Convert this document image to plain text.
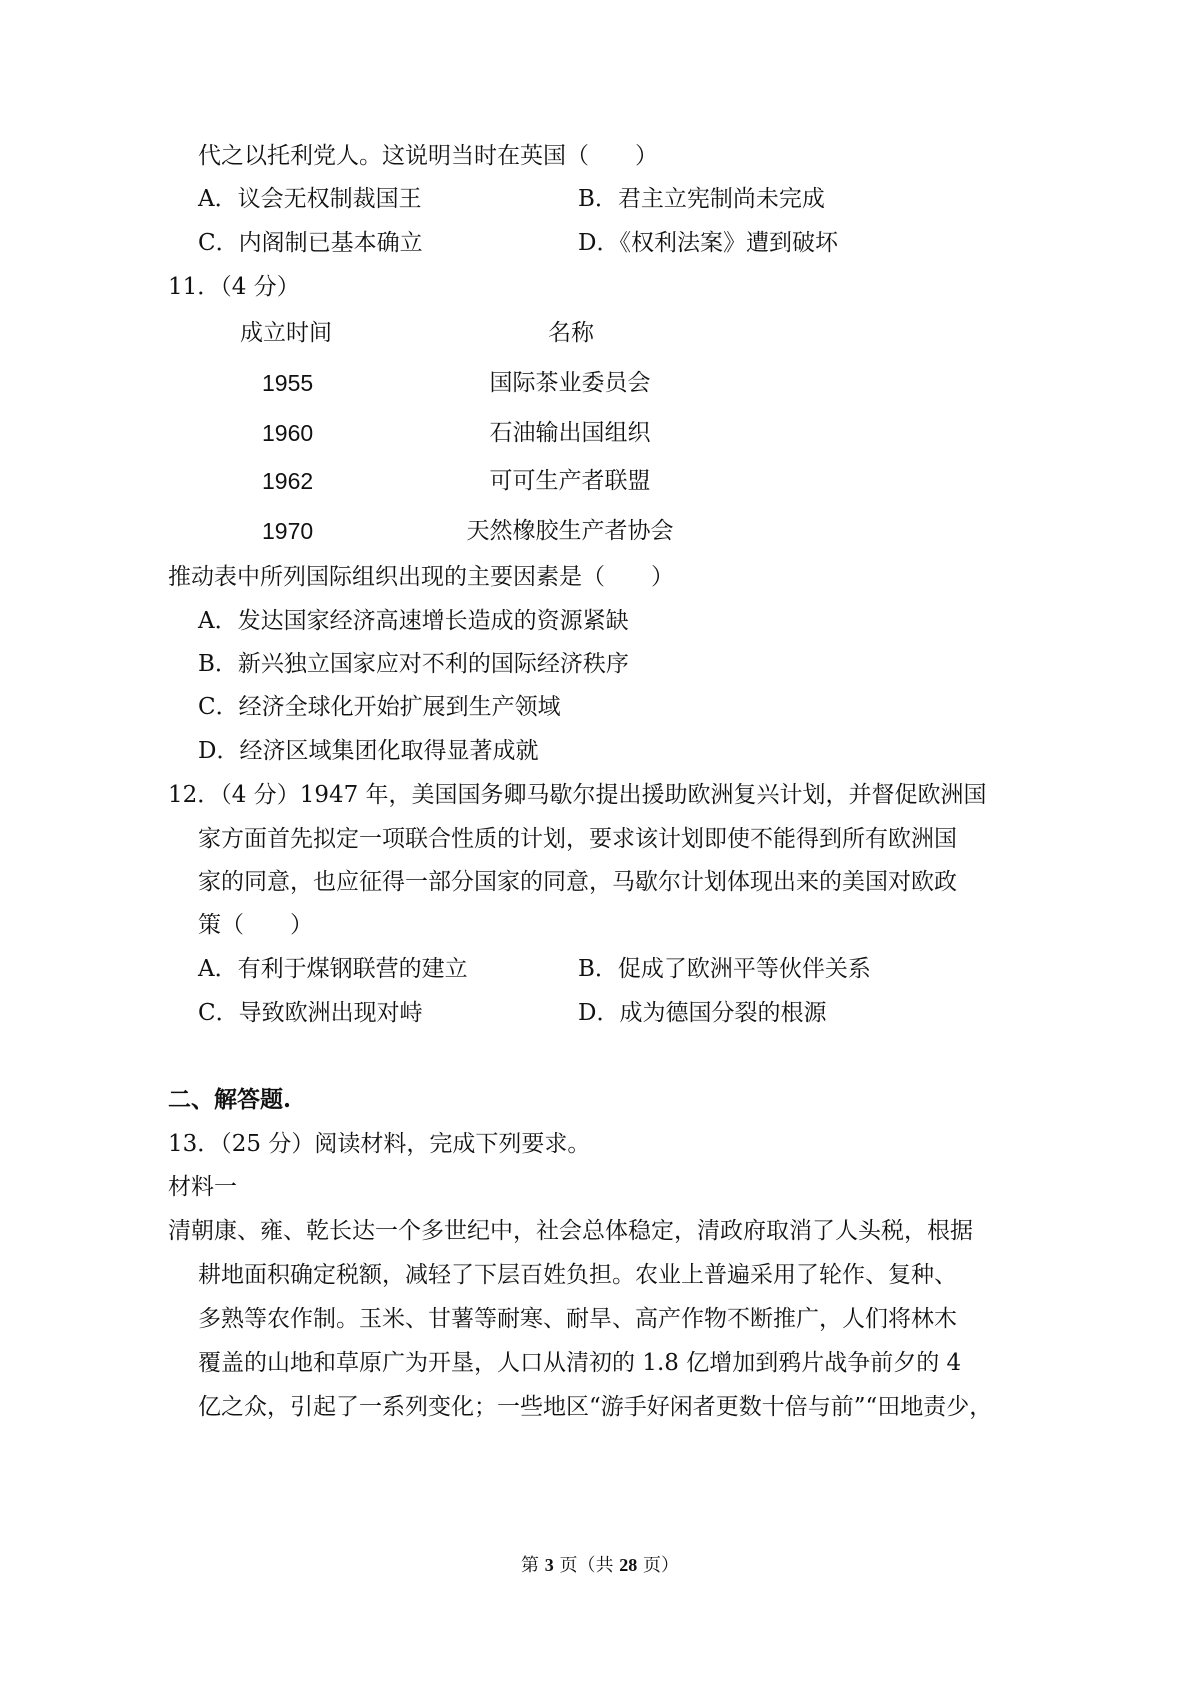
代之以托利党人。这说明当时在英国（　　）
A．议会无权制裁国王	B．君主立宪制尚未完成
C．内阁制已基本确立	D．《权利法案》遭到破坏
11．（4 分）
成立时间	名称
1955	国际茶业委员会
1960	石油输出国组织
1962	可可生产者联盟
1970	天然橡胶生产者协会
推动表中所列国际组织出现的主要因素是（　　）
A．发达国家经济高速增长造成的资源紧缺
B．新兴独立国家应对不利的国际经济秩序
C．经济全球化开始扩展到生产领域
D．经济区域集团化取得显著成就
12．（4 分）1947 年，美国国务卿马歇尔提出援助欧洲复兴计划，并督促欧洲国
家方面首先拟定一项联合性质的计划，要求该计划即使不能得到所有欧洲国
家的同意，也应征得一部分国家的同意，马歇尔计划体现出来的美国对欧政
策（　　）
A．有利于煤钢联营的建立	B．促成了欧洲平等伙伴关系
C．导致欧洲出现对峙	D．成为德国分裂的根源
二、解答题.
13．（25 分）阅读材料，完成下列要求。
材料一
清朝康、雍、乾长达一个多世纪中，社会总体稳定，清政府取消了人头税，根据
耕地面积确定税额，减轻了下层百姓负担。农业上普遍采用了轮作、复种、
多熟等农作制。玉米、甘薯等耐寒、耐旱、高产作物不断推广，人们将林木
覆盖的山地和草原广为开垦，人口从清初的 1.8 亿增加到鸦片战争前夕的 4
亿之众，引起了一系列变化；一些地区“游手好闲者更数十倍与前”“田地责少，
第 3 页（共 28 页）
